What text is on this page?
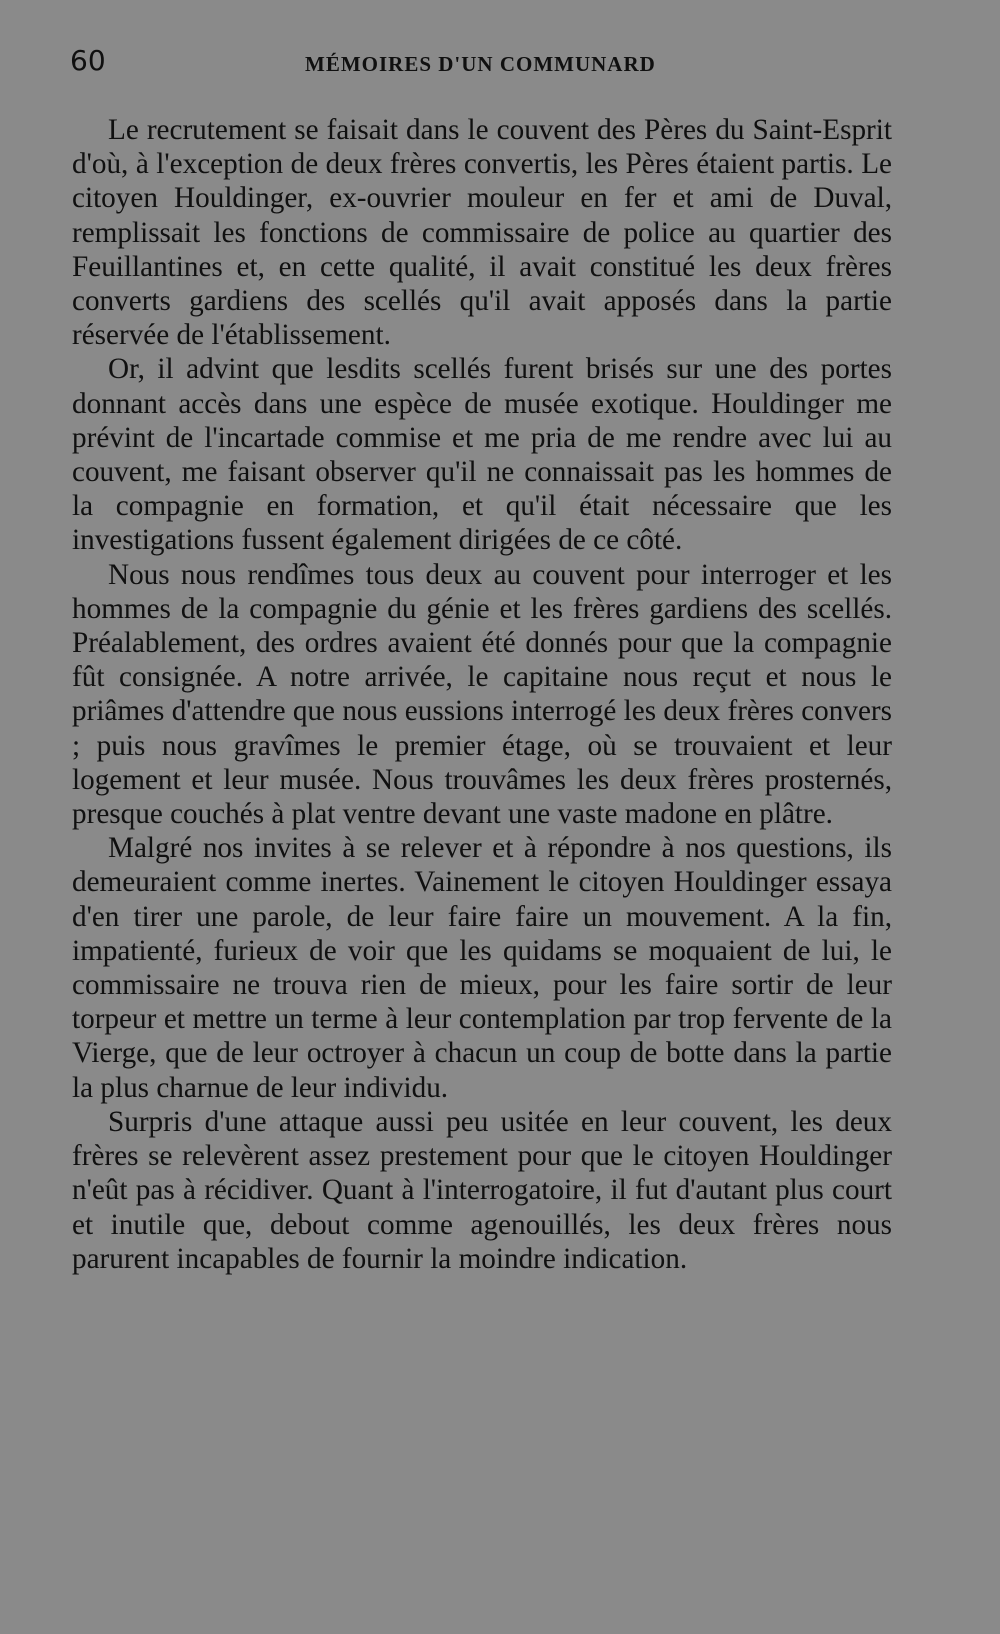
60	MÉMOIRES D'UN COMMUNARD

Le recrutement se faisait dans le couvent des Pères du Saint-Esprit d'où, à l'exception de deux frères convertis, les Pères étaient partis. Le citoyen Houldinger, ex-ouvrier mouleur en fer et ami de Duval, remplissait les fonctions de commissaire de police au quartier des Feuillantines et, en cette qualité, il avait constitué les deux frères converts gardiens des scellés qu'il avait apposés dans la partie réservée de l'établissement.

Or, il advint que lesdits scellés furent brisés sur une des portes donnant accès dans une espèce de musée exotique. Houldinger me prévint de l'incartade commise et me pria de me rendre avec lui au couvent, me faisant observer qu'il ne connaissait pas les hommes de la compagnie en formation, et qu'il était nécessaire que les investigations fussent également dirigées de ce côté.

Nous nous rendîmes tous deux au couvent pour interroger et les hommes de la compagnie du génie et les frères gardiens des scellés. Préalablement, des ordres avaient été donnés pour que la compagnie fût consignée. A notre arrivée, le capitaine nous reçut et nous le priâmes d'attendre que nous eussions interrogé les deux frères convers ; puis nous gravîmes le premier étage, où se trouvaient et leur logement et leur musée. Nous trouvâmes les deux frères prosternés, presque couchés à plat ventre devant une vaste madone en plâtre.

Malgré nos invites à se relever et à répondre à nos questions, ils demeuraient comme inertes. Vainement le citoyen Houldinger essaya d'en tirer une parole, de leur faire faire un mouvement. A la fin, impatienté, furieux de voir que les quidams se moquaient de lui, le commissaire ne trouva rien de mieux, pour les faire sortir de leur torpeur et mettre un terme à leur contemplation par trop fervente de la Vierge, que de leur octroyer à chacun un coup de botte dans la partie la plus charnue de leur individu.

Surpris d'une attaque aussi peu usitée en leur couvent, les deux frères se relevèrent assez prestement pour que le citoyen Houldinger n'eût pas à récidiver. Quant à l'interrogatoire, il fut d'autant plus court et inutile que, debout comme agenouillés, les deux frères nous parurent incapables de fournir la moindre indication.
